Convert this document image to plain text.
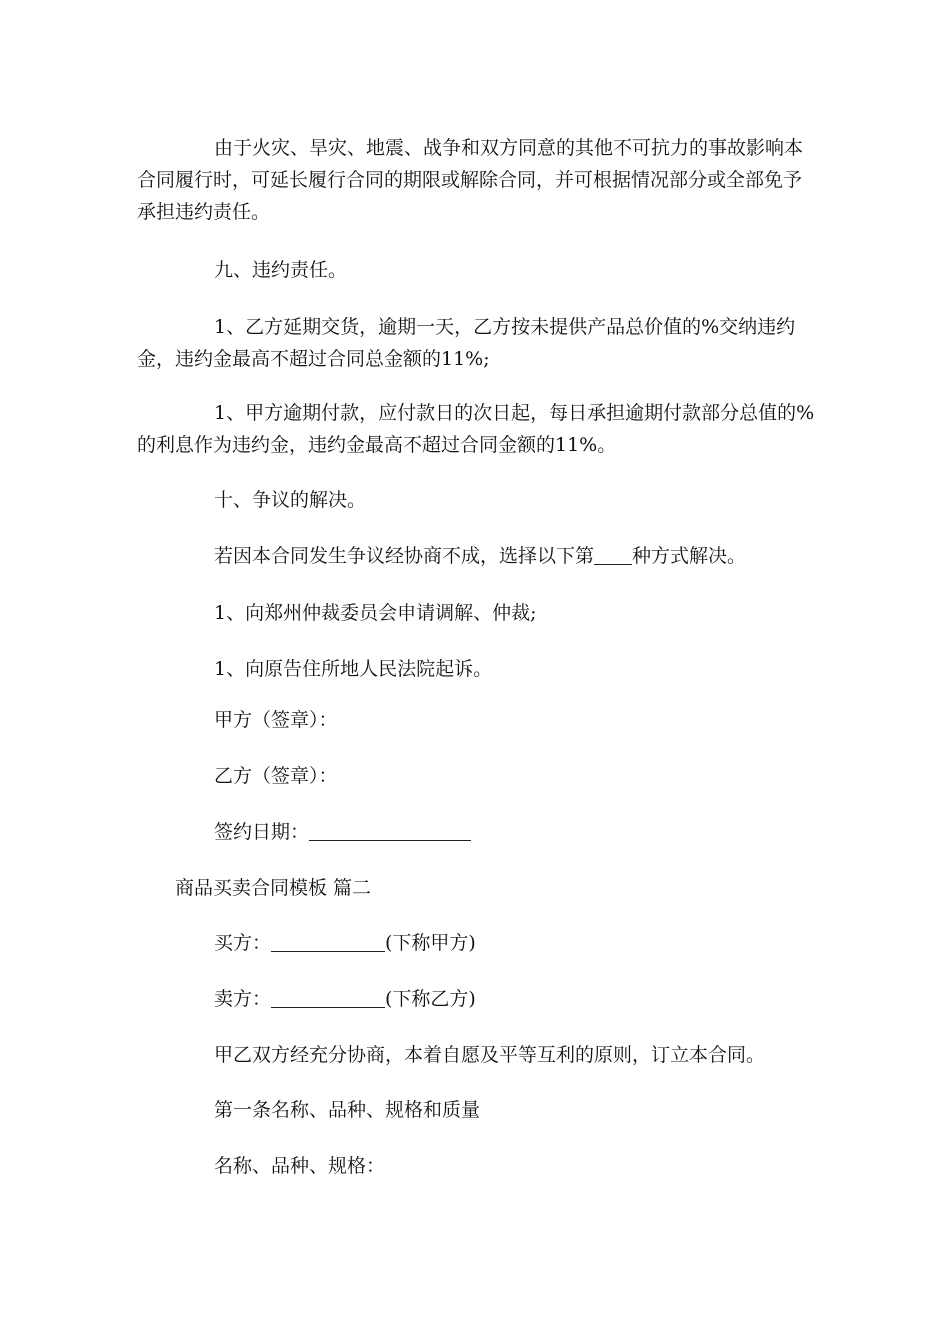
由于火灾、旱灾、地震、战争和双方同意的其他不可抗力的事故影响本合同履行时，可延长履行合同的期限或解除合同，并可根据情况部分或全部免予承担违约责任。

九、违约责任。

1、乙方延期交货，逾期一天，乙方按未提供产品总价值的%交纳违约金，违约金最高不超过合同总金额的11%;

1、甲方逾期付款，应付款日的次日起，每日承担逾期付款部分总值的%的利息作为违约金，违约金最高不超过合同金额的11%。

十、争议的解决。
若因本合同发生争议经协商不成，选择以下第 种方式解决。
1、向郑州仲裁委员会申请调解、仲裁;
1、向原告住所地人民法院起诉。
甲方（签章）：
乙方（签章）：
签约日期：
商品买卖合同模板 篇二
买方：	(下称甲方)
卖方：	(下称乙方)
甲乙双方经充分协商，本着自愿及平等互利的原则，订立本合同。
第一条名称、品种、规格和质量
名称、品种、规格：
